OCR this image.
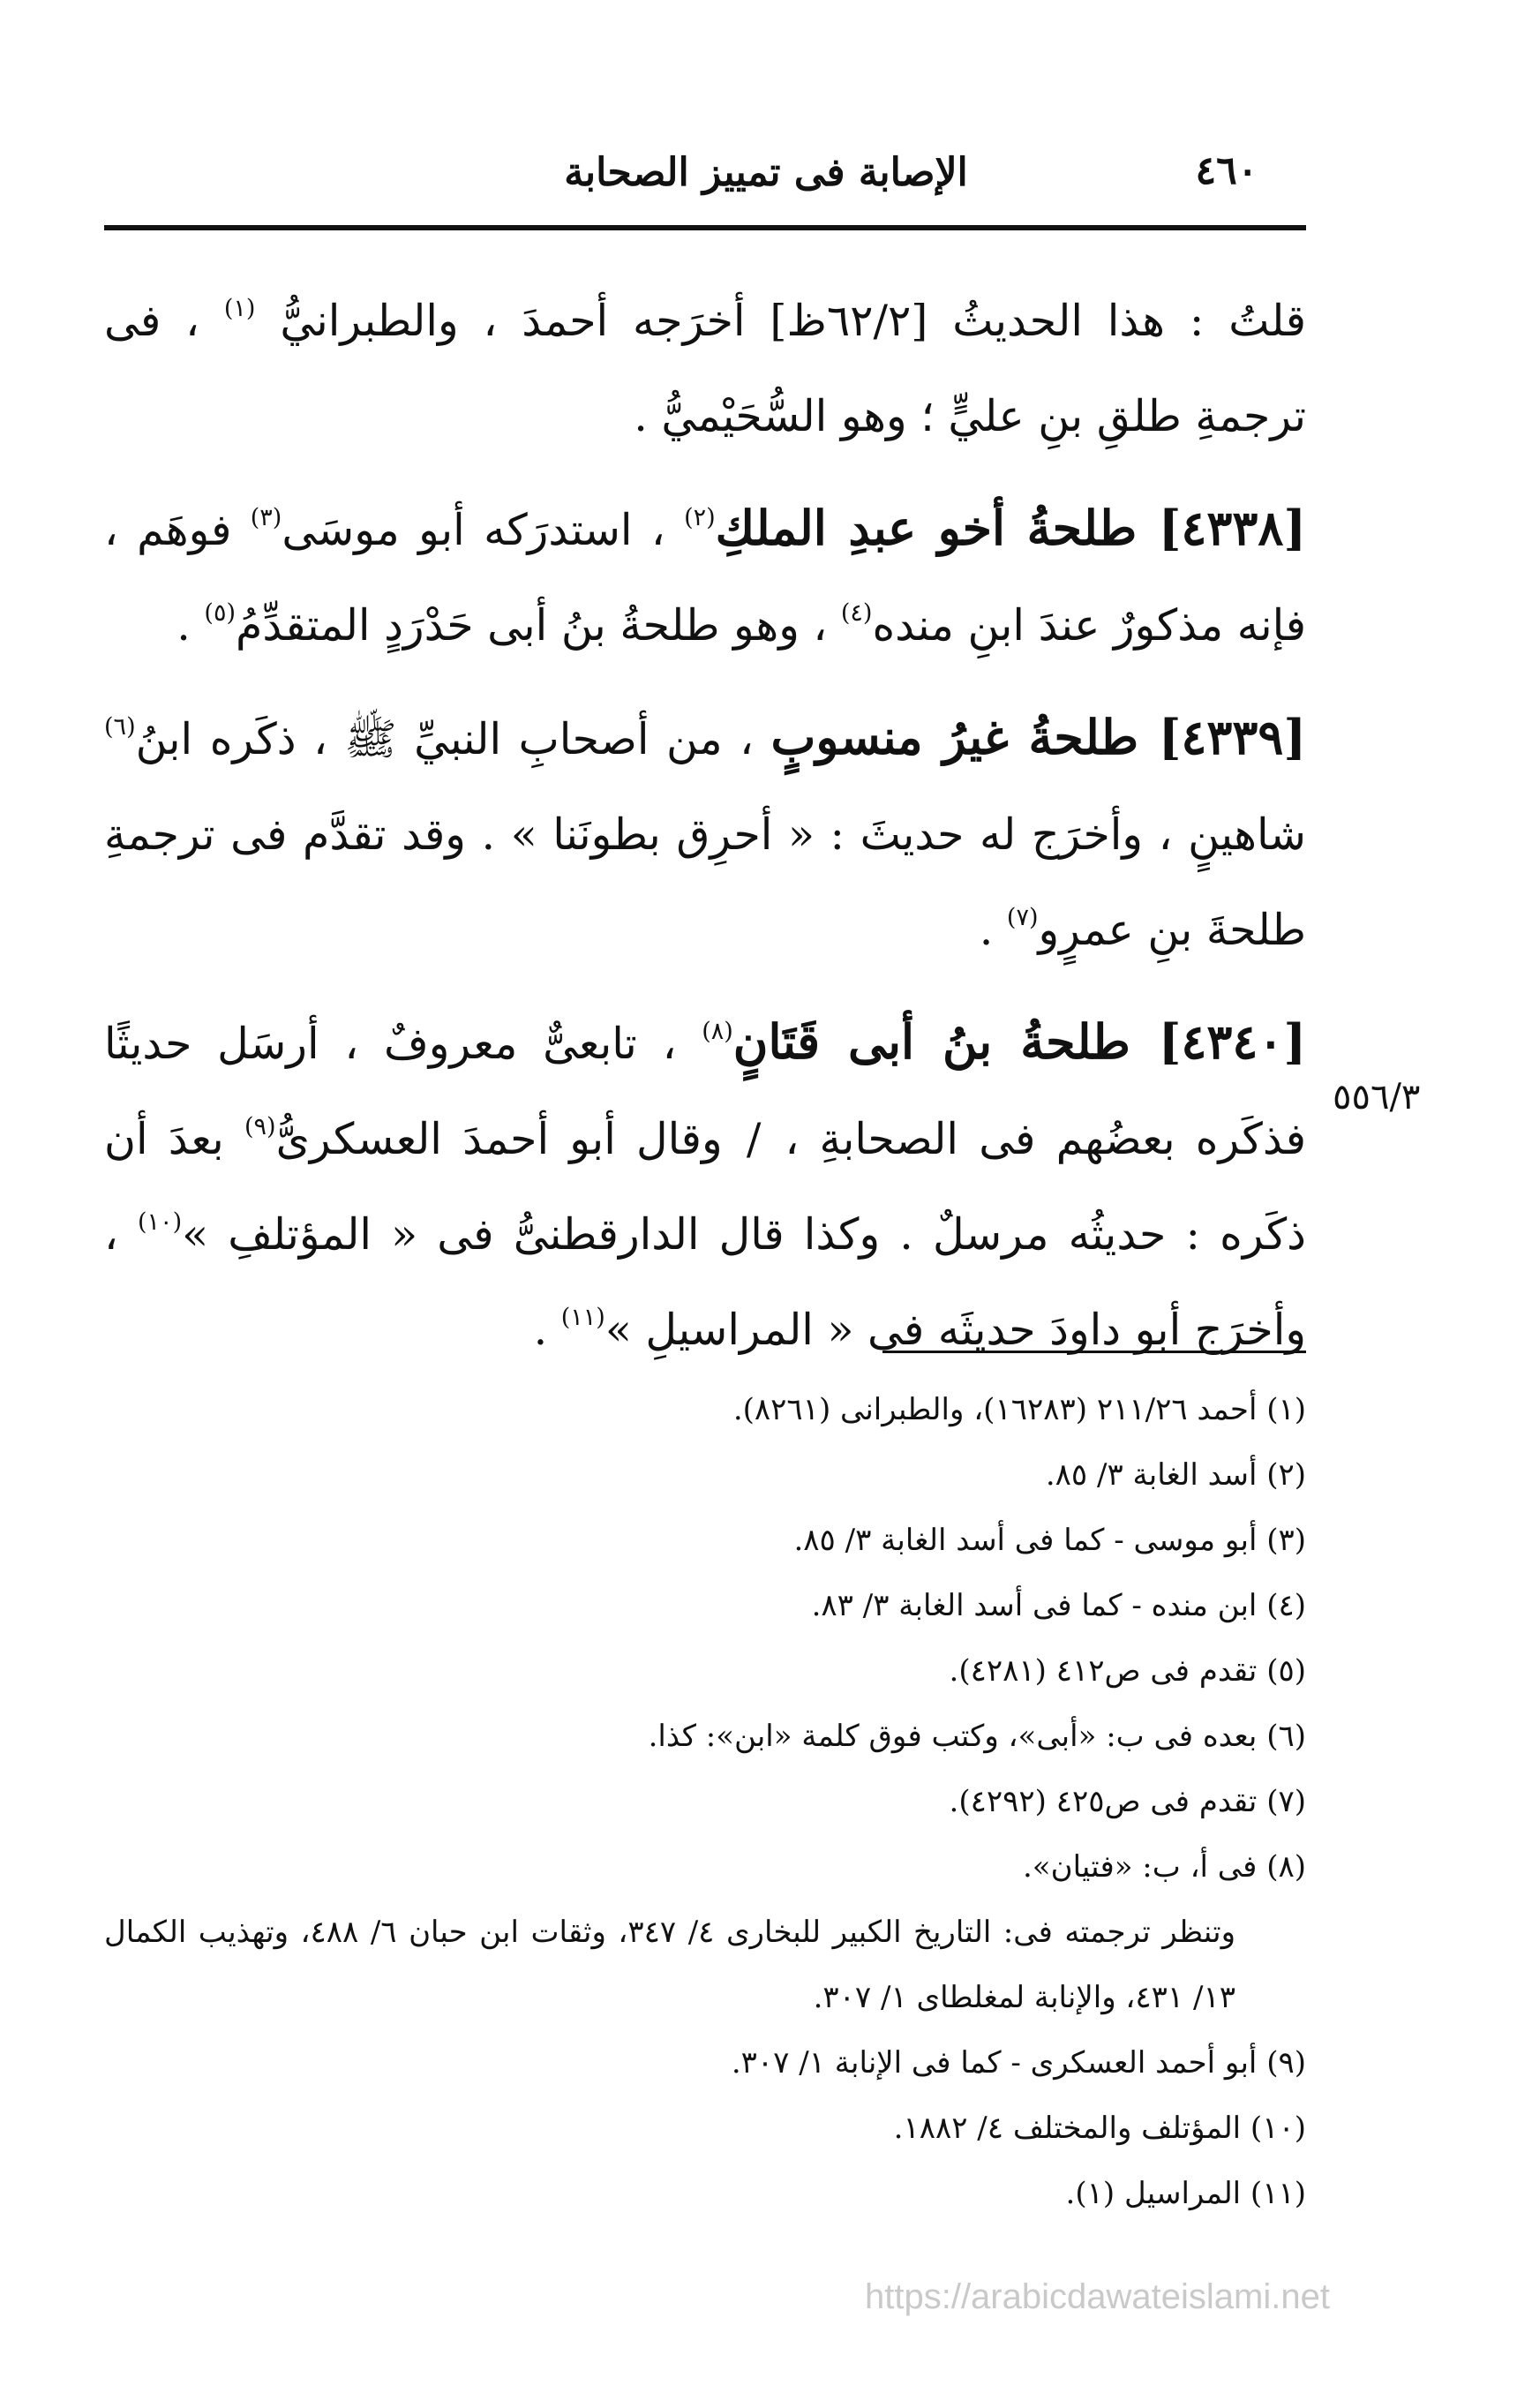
٤٦٠
الإصابة فى تمييز الصحابة
٥٥٦/٣

قلتُ : هذا الحديثُ [٦٢/٢ظ] أخرَجه أحمدَ ، والطبرانيُّ $^{(١)}$ ، فى ترجمةِ طلقِ بنِ عليٍّ ؛ وهو السُّحَيْميُّ .

[٤٣٣٨] طلحةُ أخو عبدِ الملكِ$^{(٢)}$ ، استدرَكه أبو موسَى$^{(٣)}$ فوهَم ، فإنه مذكورٌ عندَ ابنِ منده$^{(٤)}$ ، وهو طلحةُ بنُ أبى حَدْرَدٍ المتقدِّمُ$^{(٥)}$ .

[٤٣٣٩] طلحةُ غيرُ منسوبٍ ، من أصحابِ النبيِّ ﷺ ، ذكَره ابنُ$^{(٦)}$ شاهينٍ ، وأخرَج له حديثَ : « أحرِق بطونَنا » . وقد تقدَّم فى ترجمةِ طلحةَ بنِ عمرٍو$^{(٧)}$ .

[٤٣٤٠] طلحةُ بنُ أبى قَتَانٍ$^{(٨)}$ ، تابعىٌّ معروفٌ ، أرسَل حديثًا فذكَره بعضُهم فى الصحابةِ ، / وقال أبو أحمدَ العسكرىُّ$^{(٩)}$ بعدَ أن ذكَره : حديثُه مرسلٌ . وكذا قال الدارقطنىُّ فى « المؤتلفِ »$^{(١٠)}$ ، وأخرَج أبو داودَ حديثَه فى « المراسيلِ »$^{(١١)}$ .

(١) أحمد ٢١١/٢٦ (١٦٢٨٣)، والطبرانى (٨٢٦١).

(٢) أسد الغابة ٣/ ٨٥.

(٣) أبو موسى - كما فى أسد الغابة ٣/ ٨٥.

(٤) ابن منده - كما فى أسد الغابة ٣/ ٨٣.

(٥) تقدم فى ص٤١٢ (٤٢٨١).

(٦) بعده فى ب: «أبى»، وكتب فوق كلمة «ابن»: كذا.

(٧) تقدم فى ص٤٢٥ (٤٢٩٢).

(٨) فى أ، ب: «فتيان».

وتنظر ترجمته فى: التاريخ الكبير للبخارى ٤/ ٣٤٧، وثقات ابن حبان ٦/ ٤٨٨، وتهذيب الكمال ١٣/ ٤٣١، والإنابة لمغلطاى ١/ ٣٠٧.

(٩) أبو أحمد العسكرى - كما فى الإنابة ١/ ٣٠٧.

(١٠) المؤتلف والمختلف ٤/ ١٨٨٢.

(١١) المراسيل (١).

https://arabicdawateislami.net
